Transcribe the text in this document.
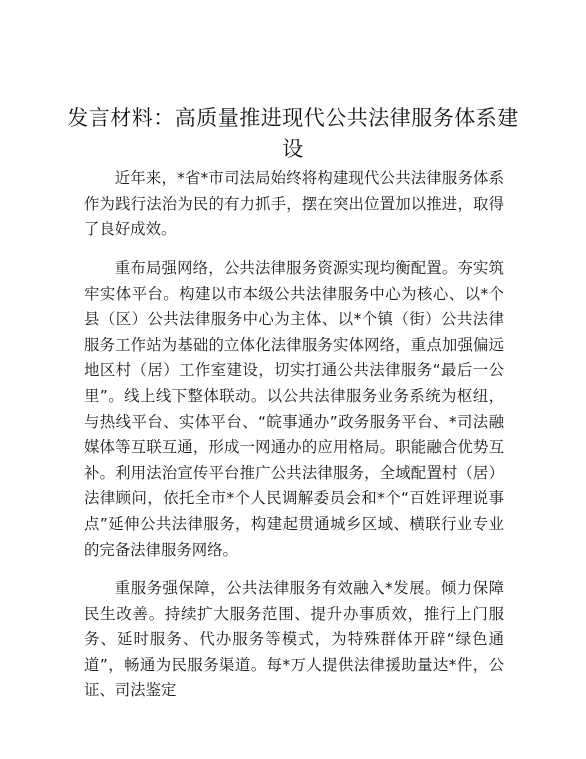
发言材料：高质量推进现代公共法律服务体系建设

近年来，*省*市司法局始终将构建现代公共法律服务体系作为践行法治为民的有力抓手，摆在突出位置加以推进，取得了良好成效。

重布局强网络，公共法律服务资源实现均衡配置。夯实筑牢实体平台。构建以市本级公共法律服务中心为核心、以*个县（区）公共法律服务中心为主体、以*个镇（街）公共法律服务工作站为基础的立体化法律服务实体网络，重点加强偏远地区村（居）工作室建设，切实打通公共法律服务“最后一公里”。线上线下整体联动。以公共法律服务业务系统为枢纽，与热线平台、实体平台、“皖事通办”政务服务平台、*司法融媒体等互联互通，形成一网通办的应用格局。职能融合优势互补。利用法治宣传平台推广公共法律服务，全域配置村（居）法律顾问，依托全市*个人民调解委员会和*个“百姓评理说事点”延伸公共法律服务，构建起贯通城乡区域、横联行业专业的完备法律服务网络。

重服务强保障，公共法律服务有效融入*发展。倾力保障民生改善。持续扩大服务范围、提升办事质效，推行上门服务、延时服务、代办服务等模式，为特殊群体开辟“绿色通道”，畅通为民服务渠道。每*万人提供法律援助量达*件，公证、司法鉴定
